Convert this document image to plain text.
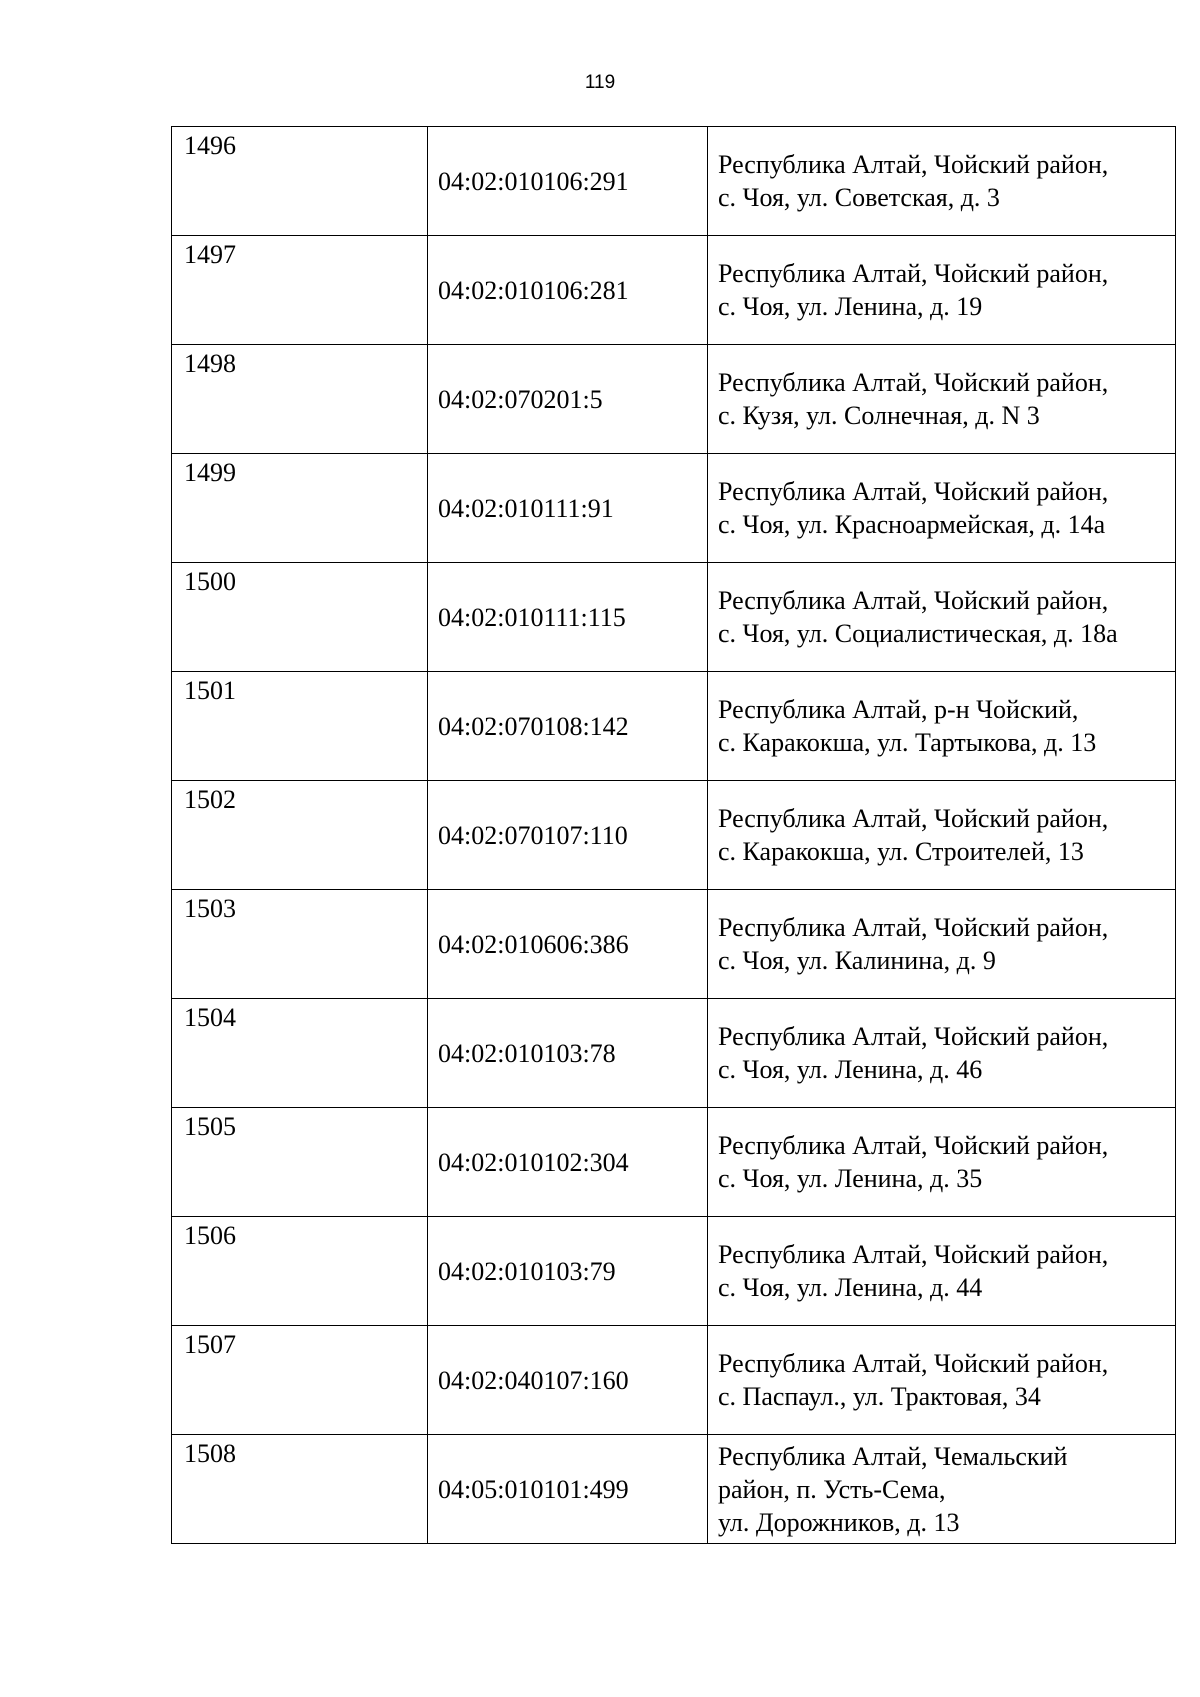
119
1496	04:02:010106:291	Республика Алтай, Чойский район,
с. Чоя, ул. Советская, д. 3
1497	04:02:010106:281	Республика Алтай, Чойский район,
с. Чоя, ул. Ленина, д. 19
1498	04:02:070201:5	Республика Алтай, Чойский район,
с. Кузя, ул. Солнечная, д. N 3
1499	04:02:010111:91	Республика Алтай, Чойский район,
с. Чоя, ул. Красноармейская, д. 14а
1500	04:02:010111:115	Республика Алтай, Чойский район,
с. Чоя, ул. Социалистическая, д. 18а
1501	04:02:070108:142	Республика Алтай, р-н Чойский,
с. Каракокша, ул. Тартыкова, д. 13
1502	04:02:070107:110	Республика Алтай, Чойский район,
с. Каракокша, ул. Строителей, 13
1503	04:02:010606:386	Республика Алтай, Чойский район,
с. Чоя, ул. Калинина, д. 9
1504	04:02:010103:78	Республика Алтай, Чойский район,
с. Чоя, ул. Ленина, д. 46
1505	04:02:010102:304	Республика Алтай, Чойский район,
с. Чоя, ул. Ленина, д. 35
1506	04:02:010103:79	Республика Алтай, Чойский район,
с. Чоя, ул. Ленина, д. 44
1507	04:02:040107:160	Республика Алтай, Чойский район,
с. Паспаул., ул. Трактовая, 34
1508	04:05:010101:499	Республика Алтай, Чемальский
район, п. Усть-Сема,
ул. Дорожников, д. 13
